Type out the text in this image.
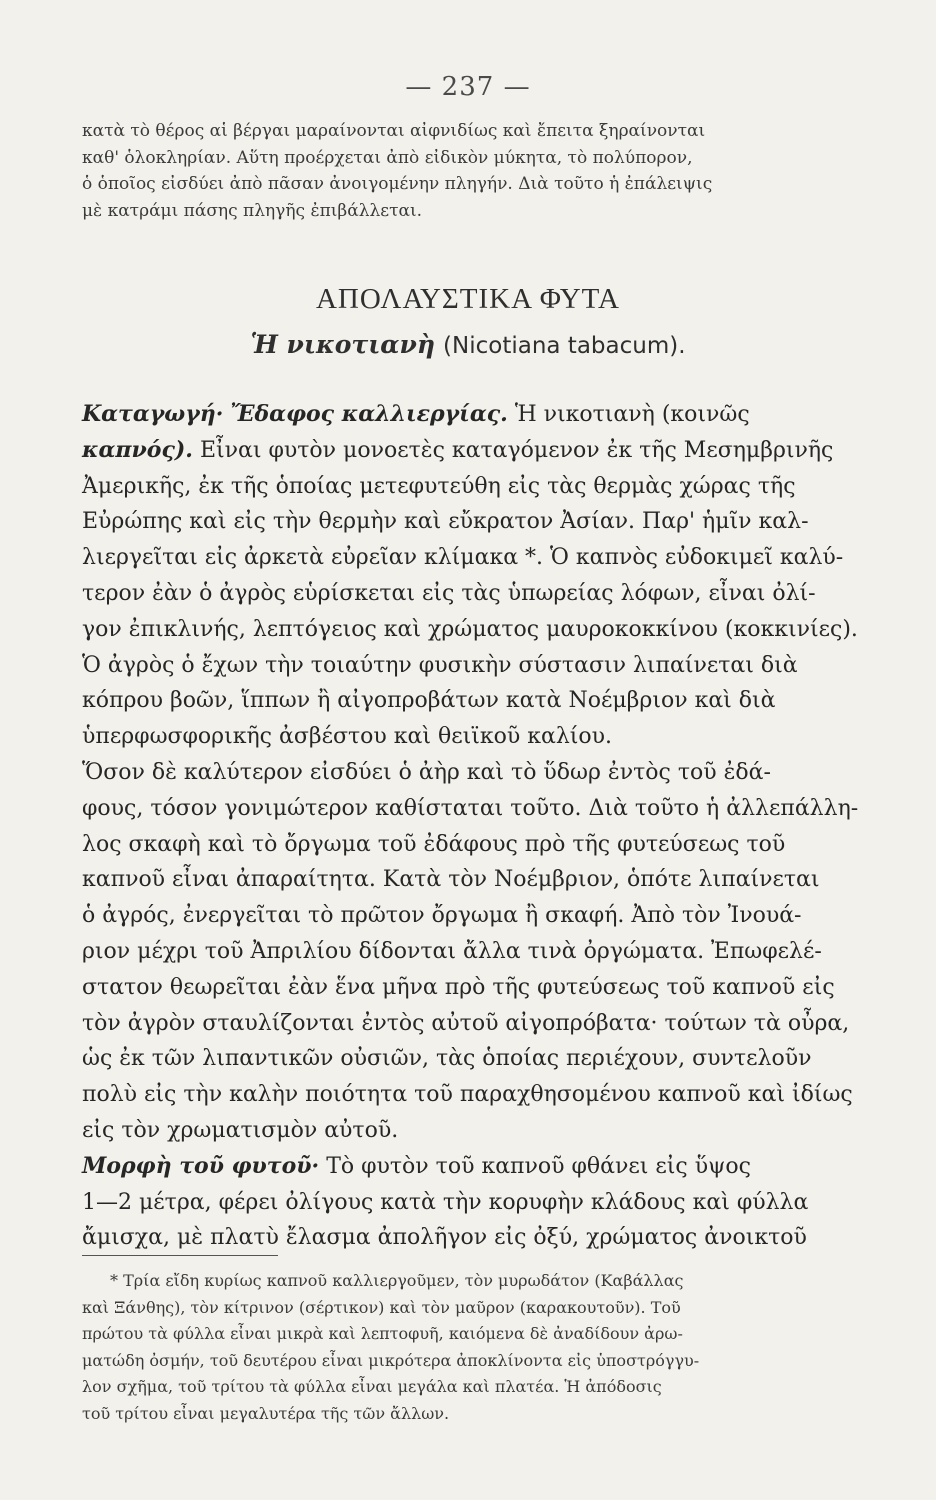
— 237 —

κατὰ τὸ θέρος αἱ βέργαι μαραίνονται αἰφνιδίως καὶ ἔπειτα ξηραίνονται
καθ' ὁλοκληρίαν. Αὕτη προέρχεται ἀπὸ εἰδικὸν μύκητα, τὸ πολύπορον,
ὁ ὁποῖος εἰσδύει ἀπὸ πᾶσαν ἀνοιγομένην πληγήν. Διὰ τοῦτο ἡ ἐπάλειψις
μὲ κατράμι πάσης πληγῆς ἐπιβάλλεται.

ΑΠΟΛΑΥΣΤΙΚΑ ΦΥΤΑ
Ἡ νικοτιανὴ (Nicotiana tabacum).
Καταγωγή· Ἔδαφος καλλιεργίας. Ἡ νικοτιανὴ (κοινῶς
καπνός). Εἶναι φυτὸν μονοετὲς καταγόμενον ἐκ τῆς Μεσημβρινῆς
Ἀμερικῆς, ἐκ τῆς ὁποίας μετεφυτεύθη εἰς τὰς θερμὰς χώρας τῆς
Εὐρώπης καὶ εἰς τὴν θερμὴν καὶ εὔκρατον Ἀσίαν. Παρ' ἡμῖν καλ-
λιεργεῖται εἰς ἀρκετὰ εὐρεῖαν κλίμακα *. Ὁ καπνὸς εὐδοκιμεῖ καλύ-
τερον ἐὰν ὁ ἀγρὸς εὑρίσκεται εἰς τὰς ὑπωρείας λόφων, εἶναι ὀλί-
γον ἐπικλινής, λεπτόγειος καὶ χρώματος μαυροκοκκίνου (κοκκινίες).
Ὁ ἀγρὸς ὁ ἔχων τὴν τοιαύτην φυσικὴν σύστασιν λιπαίνεται διὰ
κόπρου βοῶν, ἵππων ἢ αἰγοπροβάτων κατὰ Νοέμβριον καὶ διὰ
ὑπερφωσφορικῆς ἀσβέστου καὶ θειϊκοῦ καλίου.
Ὅσον δὲ καλύτερον εἰσδύει ὁ ἀὴρ καὶ τὸ ὕδωρ ἐντὸς τοῦ ἐδά-
φους, τόσον γονιμώτερον καθίσταται τοῦτο. Διὰ τοῦτο ἡ ἀλλεπάλλη-
λος σκαφὴ καὶ τὸ ὄργωμα τοῦ ἐδάφους πρὸ τῆς φυτεύσεως τοῦ
καπνοῦ εἶναι ἀπαραίτητα. Κατὰ τὸν Νοέμβριον, ὁπότε λιπαίνεται
ὁ ἀγρός, ἐνεργεῖται τὸ πρῶτον ὄργωμα ἢ σκαφή. Ἀπὸ τὸν Ἰνουά-
ριον μέχρι τοῦ Ἀπριλίου δίδονται ἄλλα τινὰ ὀργώματα. Ἐπωφελέ-
στατον θεωρεῖται ἐὰν ἕνα μῆνα πρὸ τῆς φυτεύσεως τοῦ καπνοῦ εἰς
τὸν ἀγρὸν σταυλίζονται ἐντὸς αὐτοῦ αἰγοπρόβατα· τούτων τὰ οὖρα,
ὡς ἐκ τῶν λιπαντικῶν οὐσιῶν, τὰς ὁποίας περιέχουν, συντελοῦν
πολὺ εἰς τὴν καλὴν ποιότητα τοῦ παραχθησομένου καπνοῦ καὶ ἰδίως
εἰς τὸν χρωματισμὸν αὐτοῦ.
Μορφὴ τοῦ φυτοῦ· Τὸ φυτὸν τοῦ καπνοῦ φθάνει εἰς ὕψος
1—2 μέτρα, φέρει ὀλίγους κατὰ τὴν κορυφὴν κλάδους καὶ φύλλα
ἄμισχα, μὲ πλατὺ ἔλασμα ἀπολῆγον εἰς ὀξύ, χρώματος ἀνοικτοῦ

* Τρία εἴδη κυρίως καπνοῦ καλλιεργοῦμεν, τὸν μυρωδάτον (Καβάλλας
καὶ Ξάνθης), τὸν κίτρινον (σέρτικον) καὶ τὸν μαῦρον (καρακουτοῦν). Τοῦ
πρώτου τὰ φύλλα εἶναι μικρὰ καὶ λεπτοφυῆ, καιόμενα δὲ ἀναδίδουν ἀρω-
ματώδη ὀσμήν, τοῦ δευτέρου εἶναι μικρότερα ἀποκλίνοντα εἰς ὑποστρόγγυ-
λον σχῆμα, τοῦ τρίτου τὰ φύλλα εἶναι μεγάλα καὶ πλατέα. Ἡ ἀπόδοσις
τοῦ τρίτου εἶναι μεγαλυτέρα τῆς τῶν ἄλλων.
